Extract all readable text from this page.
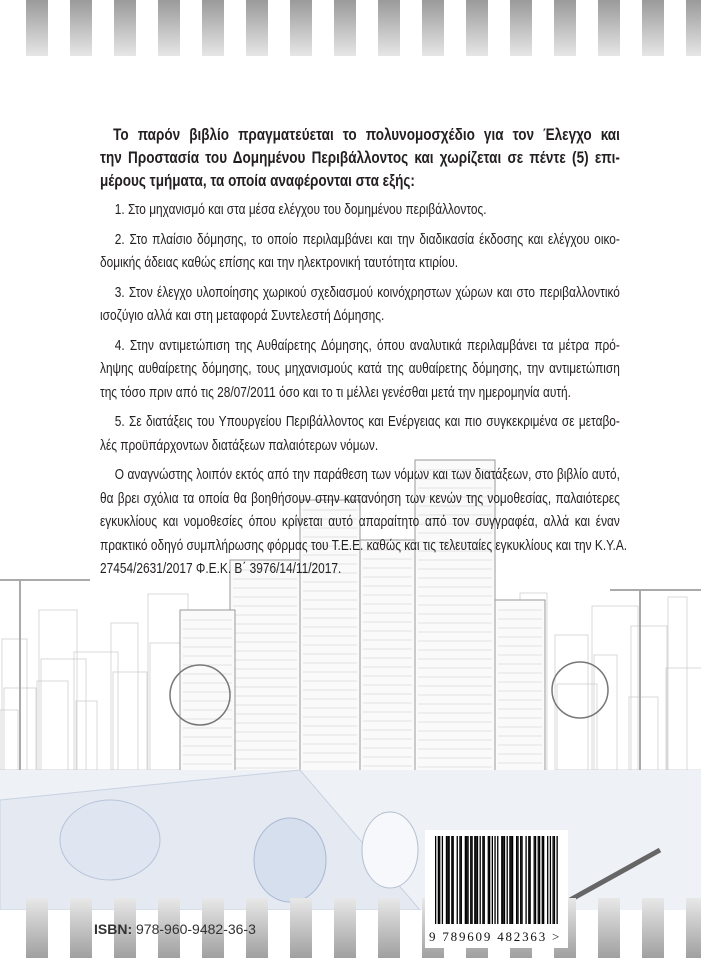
Το παρόν βιβλίο πραγματεύεται το πολυνομοσχέδιο για τον Έλεγχο και
την Προστασία του Δομημένου Περιβάλλοντος και χωρίζεται σε πέντε (5) επι-
μέρους τμήματα, τα οποία αναφέρονται στα εξής:
1. Στο μηχανισμό και στα μέσα ελέγχου του δομημένου περιβάλλοντος.
2. Στο πλαίσιο δόμησης, το οποίο περιλαμβάνει και την διαδικασία έκδοσης και ελέγχου οικο-
δομικής άδειας καθώς επίσης και την ηλεκτρονική ταυτότητα κτιρίου.
3. Στον έλεγχο υλοποίησης χωρικού σχεδιασμού κοινόχρηστων χώρων και στο περιβαλλοντικό
ισοζύγιο αλλά και στη μεταφορά Συντελεστή Δόμησης.
4. Στην αντιμετώπιση της Αυθαίρετης Δόμησης, όπου αναλυτικά περιλαμβάνει τα μέτρα πρό-
ληψης αυθαίρετης δόμησης, τους μηχανισμούς κατά της αυθαίρετης δόμησης, την αντιμετώπιση
της τόσο πριν από τις 28/07/2011 όσο και το τι μέλλει γενέσθαι μετά την ημερομηνία αυτή.
5. Σε διατάξεις του Υπουργείου Περιβάλλοντος και Ενέργειας και πιο συγκεκριμένα σε μεταβο-
λές προϋπάρχοντων διατάξεων παλαιότερων νόμων.
Ο αναγνώστης λοιπόν εκτός από την παράθεση των νόμων και των διατάξεων, στο βιβλίο αυτό,
θα βρει σχόλια τα οποία θα βοηθήσουν στην κατανόηση των κενών της νομοθεσίας, παλαιότερες
εγκυκλίους και νομοθεσίες όπου κρίνεται αυτό απαραίτητο από τον συγγραφέα, αλλά και έναν
πρακτικό οδηγό συμπλήρωσης φόρμας του Τ.Ε.Ε. καθώς και τις τελευταίες εγκυκλίους και την Κ.Υ.Α.
27454/2631/2017 Φ.Ε.Κ. Β΄ 3976/14/11/2017.
ISBN: 978-960-9482-36-3	9 789609 482363 >
